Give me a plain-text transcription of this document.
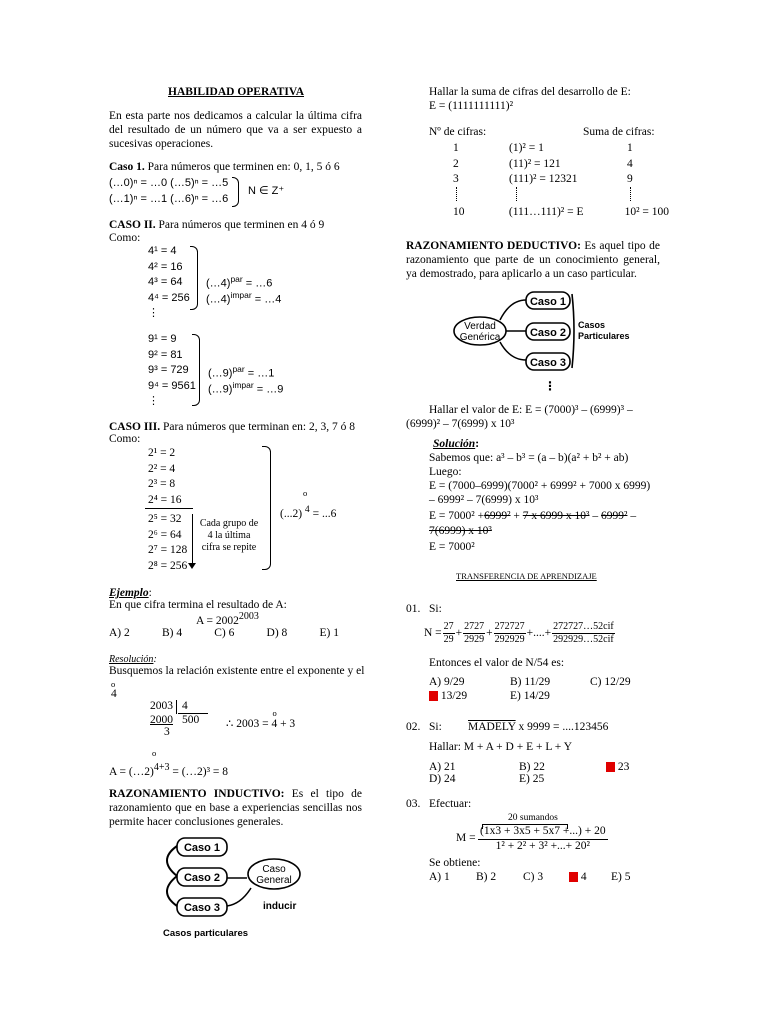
HABILIDAD OPERATIVA
En esta parte nos dedicamos a calcular la última cifra del resultado de un número que va a ser expuesto a sucesivas operaciones.
Caso 1. Para números que terminen en: 0, 1, 5 ó 6
(…0)ⁿ = …0 (…5)ⁿ = …5
(…1)ⁿ = …1 (…6)ⁿ = …6
N ∈ Z⁺
CASO II. Para números que terminen en 4 ó 9
Como:
4¹ = 4
4² = 16
4³ = 64
4⁴ = 256
⋮
(…4)$^{par}$ = …6
(…4)$^{impar}$ = …4
9¹ = 9
9² = 81
9³ = 729
9⁴ = 9561
⋮
(…9)$^{par}$ = …1
(…9)$^{impar}$ = …9
CASO III. Para números que terminan en: 2, 3, 7 ó 8
Como:
2¹ = 2
2² = 4
2³ = 8
2⁴ = 16
2⁵ = 32
2⁶ = 64
2⁷ = 128
2⁸ = 256
Cada grupo de 4 la última cifra se repite
(...2)
o
$^4$ = ...6
Ejemplo:
En que cifra termina el resultado de A:
$A = 2002^{2003}$
A) 2	B) 4	C) 6	D) 8	E) 1
Resolución:
Busquemos la relación existente entre el exponente y el
o
4
2003 4
2000 500
3
∴ 2003 =
o
4 + 3
o
A = (…2)$^{4+3}$ = (…2)³ = 8
RAZONAMIENTO INDUCTIVO: Es el tipo de razonamiento que en base a experiencias sencillas nos permite hacer conclusiones generales.
Caso 1
Caso 2
Caso 3
Caso
General
inducir
Casos particulares
Hallar la suma de cifras del desarrollo de E:
E = (1111111111)²
Nº de cifras:	Suma de cifras:
1	(1)² = 1	1
2	(11)² = 121	4
3	(111)² = 12321	9
10	(111…111)² = E	10² = 100
RAZONAMIENTO DEDUCTIVO: Es aquel tipo de razonamiento que parte de un conocimiento general, ya demostrado, para aplicarlo a un caso particular.
Verdad
Genérica
Caso 1
Caso 2
Caso 3
Casos
Particulares
⋮
Hallar el valor de E: E = (7000)³ – (6999)³ –
(6999)² – 7(6999) x 10³
Solución:
Sabemos que: a³ – b³ = (a – b)(a² + b² + ab)
Luego:
E = (7000–6999)(7000² + 6999² + 7000 x 6999)
– 6999² – 7(6999) x 10³
E = 7000² +6999² + 7 x 6999 x 10³ – 6999² –
7(6999) x 10³
E = 7000²
TRANSFERENCIA DE APRENDIZAJE
01. Si:
$N = \frac{27}{29} + \frac{2727}{2929} + \frac{272727}{292929}$ +....+
272727…52cif
292929…52cif
Entonces el valor de N/54 es:
A) 9/29	B) 11/29	C) 12/29
13/29	E) 14/29
02. Si: MADELY x 9999 = ....123456
Hallar: M + A + D + E + L + Y
A) 21	B) 22	23
D) 24	E) 25
03. Efectuar:
20 sumandos
$M = \frac{(1x3 + 3x5 + 5x7 +...) + 20}{\text{1² + 2² + 3² +...+ 20²}}$
Se obtiene:
A) 1 B) 2 C) 3	4 E) 5
